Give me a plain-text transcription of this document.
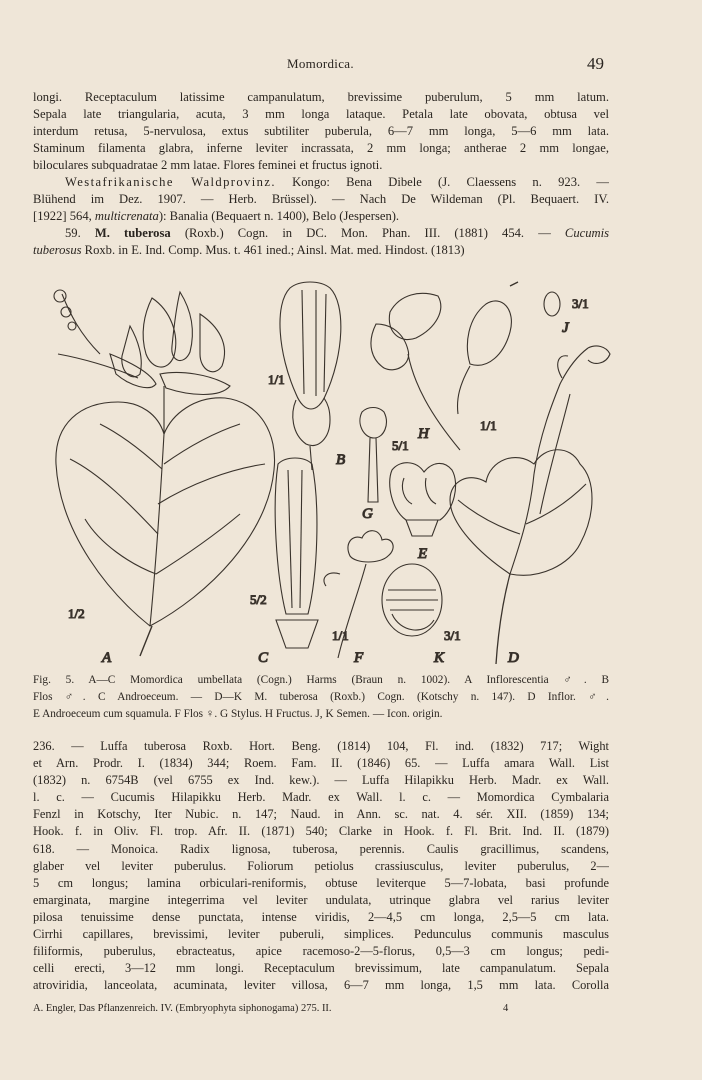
Momordica.	49
longi. Receptaculum latissime campanulatum, brevissime puberulum, 5 mm latum.
Sepala late triangularia, acuta, 3 mm longa lataque. Petala late obovata, obtusa vel
interdum retusa, 5-nervulosa, extus subtiliter puberula, 6—7 mm longa, 5—6 mm lata.
Staminum filamenta glabra, inferne leviter incrassata, 2 mm longa; antherae 2 mm longae,
biloculares subquadratae 2 mm latae. Flores feminei et fructus ignoti.
Westafrikanische Waldprovinz. Kongo: Bena Dibele (J. Claessens n. 923. —
Blühend im Dez. 1907. — Herb. Brüssel). — Nach De Wildeman (Pl. Bequaert. IV.
[1922] 564, multicrenata): Banalia (Bequaert n. 1400), Belo (Jespersen).
59. M. tuberosa (Roxb.) Cogn. in DC. Mon. Phan. III. (1881) 454. — Cucumis
tuberosus Roxb. in E. Ind. Comp. Mus. t. 461 ined.; Ainsl. Mat. med. Hindost. (1813)
A
B
C	D
E
F
G
H
J
K
1/2
1/1
5/1
1/1
5/2
1/1	3/1
3/1
Fig. 5. A—C Momordica umbellata (Cogn.) Harms (Braun n. 1002). A Inflorescentia ♂. B
Flos ♂. C Androeceum. — D—K M. tuberosa (Roxb.) Cogn. (Kotschy n. 147). D Inflor. ♂.
E Androeceum cum squamula. F Flos ♀. G Stylus. H Fructus. J, K Semen. — Icon. origin.
236. — Luffa tuberosa Roxb. Hort. Beng. (1814) 104, Fl. ind. (1832) 717; Wight
et Arn. Prodr. I. (1834) 344; Roem. Fam. II. (1846) 65. — Luffa amara Wall. List
(1832) n. 6754B (vel 6755 ex Ind. kew.). — Luffa Hilapikku Herb. Madr. ex Wall.
l. c. — Cucumis Hilapikku Herb. Madr. ex Wall. l. c. — Momordica Cymbalaria
Fenzl in Kotschy, Iter Nubic. n. 147; Naud. in Ann. sc. nat. 4. sér. XII. (1859) 134;
Hook. f. in Oliv. Fl. trop. Afr. II. (1871) 540; Clarke in Hook. f. Fl. Brit. Ind. II. (1879)
618. — Monoica. Radix lignosa, tuberosa, perennis. Caulis gracillimus, scandens,
glaber vel leviter puberulus. Foliorum petiolus crassiusculus, leviter puberulus, 2—
5 cm longus; lamina orbiculari-reniformis, obtuse leviterque 5—7-lobata, basi profunde
emarginata, margine integerrima vel leviter undulata, utrinque glabra vel rarius leviter
pilosa tenuissime dense punctata, intense viridis, 2—4,5 cm longa, 2,5—5 cm lata.
Cirrhi capillares, brevissimi, leviter puberuli, simplices. Pedunculus communis masculus
filiformis, puberulus, ebracteatus, apice racemoso-2—5-florus, 0,5—3 cm longus; pedi-
celli erecti, 3—12 mm longi. Receptaculum brevissimum, late campanulatum. Sepala
atroviridia, lanceolata, acuminata, leviter villosa, 6—7 mm longa, 1,5 mm lata. Corolla
A. Engler, Das Pflanzenreich. IV. (Embryophyta siphonogama) 275. II.	4
